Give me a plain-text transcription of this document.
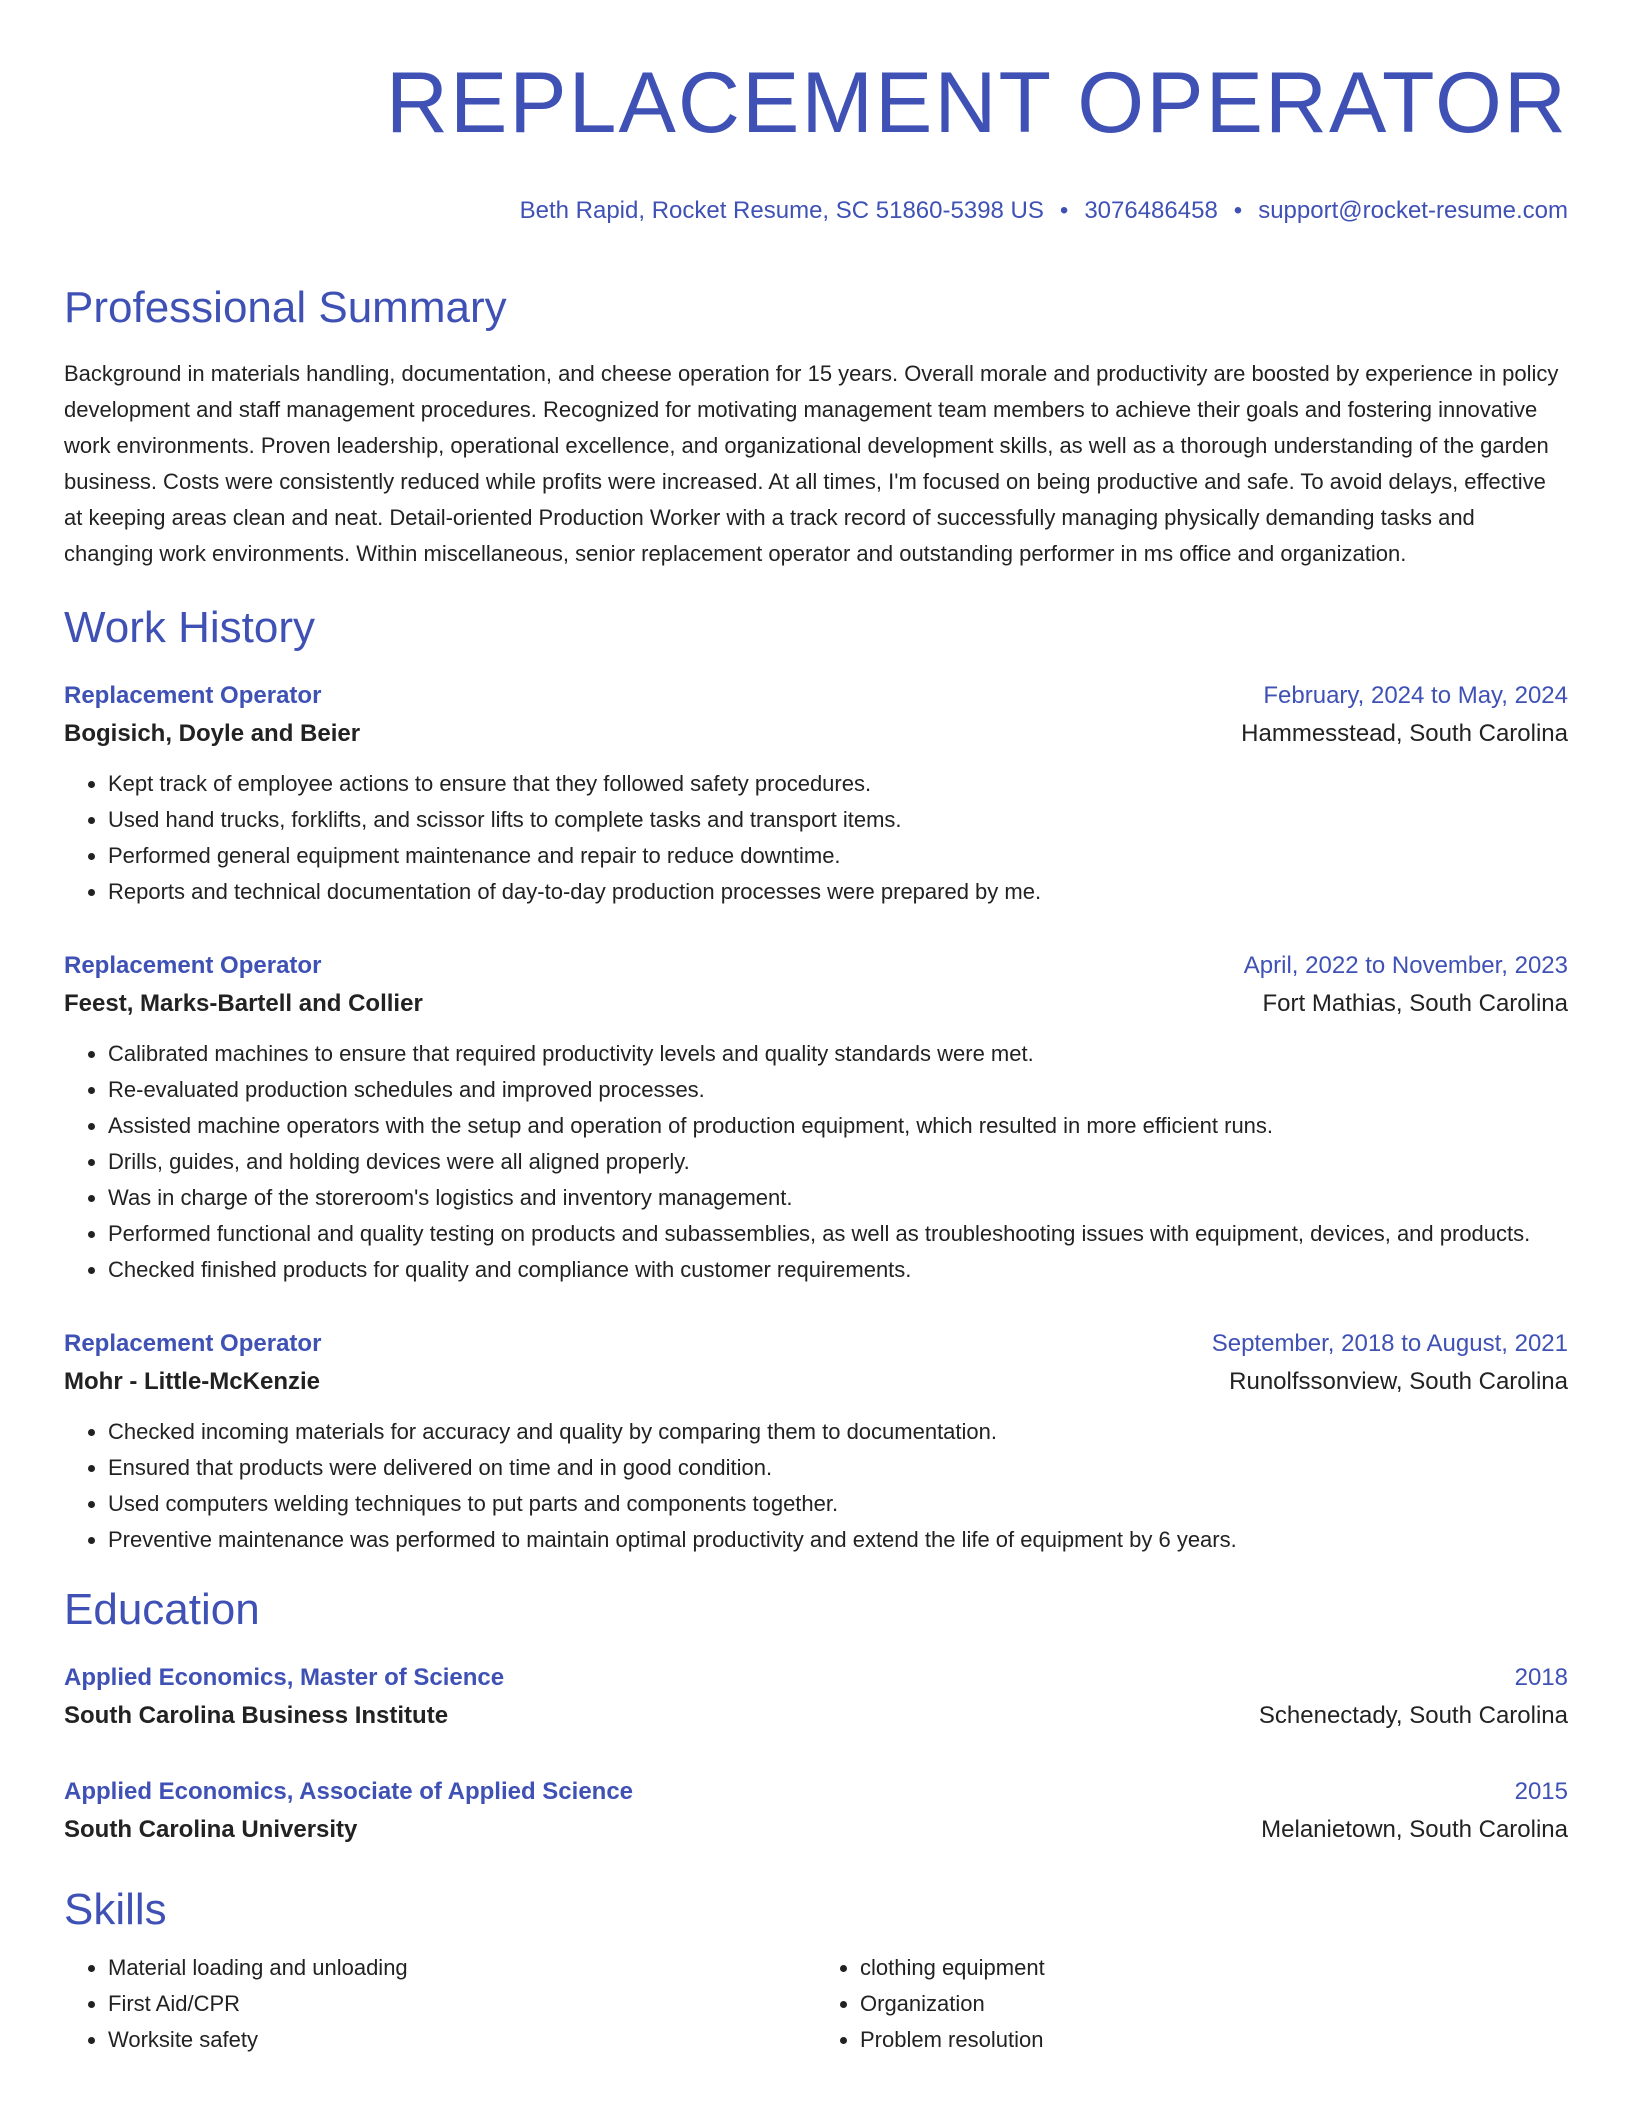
REPLACEMENT OPERATOR
Beth Rapid, Rocket Resume, SC 51860-5398 US • 3076486458 • support@rocket-resume.com
Professional Summary
Background in materials handling, documentation, and cheese operation for 15 years. Overall morale and productivity are boosted by experience in policy development and staff management procedures. Recognized for motivating management team members to achieve their goals and fostering innovative work environments. Proven leadership, operational excellence, and organizational development skills, as well as a thorough understanding of the garden business. Costs were consistently reduced while profits were increased. At all times, I'm focused on being productive and safe. To avoid delays, effective at keeping areas clean and neat. Detail-oriented Production Worker with a track record of successfully managing physically demanding tasks and changing work environments. Within miscellaneous, senior replacement operator and outstanding performer in ms office and organization.
Work History
Replacement Operator	February, 2024 to May, 2024
Bogisich, Doyle and Beier	Hammesstead, South Carolina
• Kept track of employee actions to ensure that they followed safety procedures.
• Used hand trucks, forklifts, and scissor lifts to complete tasks and transport items.
• Performed general equipment maintenance and repair to reduce downtime.
• Reports and technical documentation of day-to-day production processes were prepared by me.
Replacement Operator	April, 2022 to November, 2023
Feest, Marks-Bartell and Collier	Fort Mathias, South Carolina
• Calibrated machines to ensure that required productivity levels and quality standards were met.
• Re-evaluated production schedules and improved processes.
• Assisted machine operators with the setup and operation of production equipment, which resulted in more efficient runs.
• Drills, guides, and holding devices were all aligned properly.
• Was in charge of the storeroom's logistics and inventory management.
• Performed functional and quality testing on products and subassemblies, as well as troubleshooting issues with equipment, devices, and products.
• Checked finished products for quality and compliance with customer requirements.
Replacement Operator	September, 2018 to August, 2021
Mohr - Little-McKenzie	Runolfssonview, South Carolina
• Checked incoming materials for accuracy and quality by comparing them to documentation.
• Ensured that products were delivered on time and in good condition.
• Used computers welding techniques to put parts and components together.
• Preventive maintenance was performed to maintain optimal productivity and extend the life of equipment by 6 years.
Education
Applied Economics, Master of Science	2018
South Carolina Business Institute	Schenectady, South Carolina
Applied Economics, Associate of Applied Science	2015
South Carolina University	Melanietown, South Carolina
Skills
• Material loading and unloading
• First Aid/CPR
• Worksite safety
• clothing equipment
• Organization
• Problem resolution
